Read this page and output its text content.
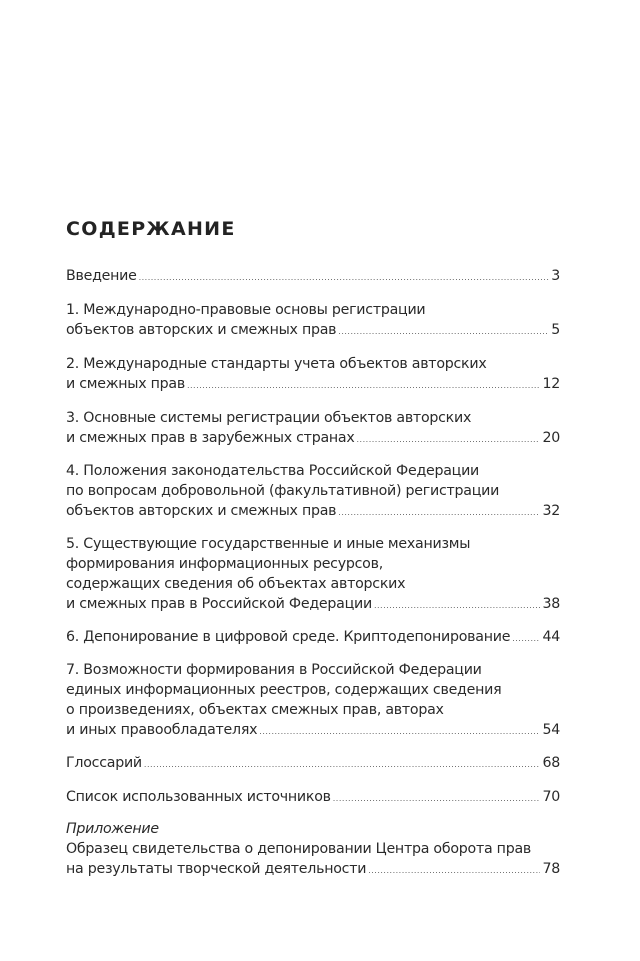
СОДЕРЖАНИЕ
Введение .....	3
1. Международно-правовые основы регистрации
объектов авторских и смежных прав .....	5
2. Международные стандарты учета объектов авторских
и смежных прав .....	12
3. Основные системы регистрации объектов авторских
и смежных прав в зарубежных странах .....	20
4. Положения законодательства Российской Федерации
по вопросам добровольной (факультативной) регистрации
объектов авторских и смежных прав .....	32
5. Существующие государственные и иные механизмы
формирования информационных ресурсов,
содержащих сведения об объектах авторских
и смежных прав в Российской Федерации .....	38
6. Депонирование в цифровой среде. Криптодепонирование ..... 44
7. Возможности формирования в Российской Федерации
единых информационных реестров, содержащих сведения
о произведениях, объектах смежных прав, авторах
и иных правообладателях .....	54
Глоссарий .....	68
Список использованных источников .....	70
Приложение
Образец свидетельства о депонировании Центра оборота прав
на результаты творческой деятельности .....	78
